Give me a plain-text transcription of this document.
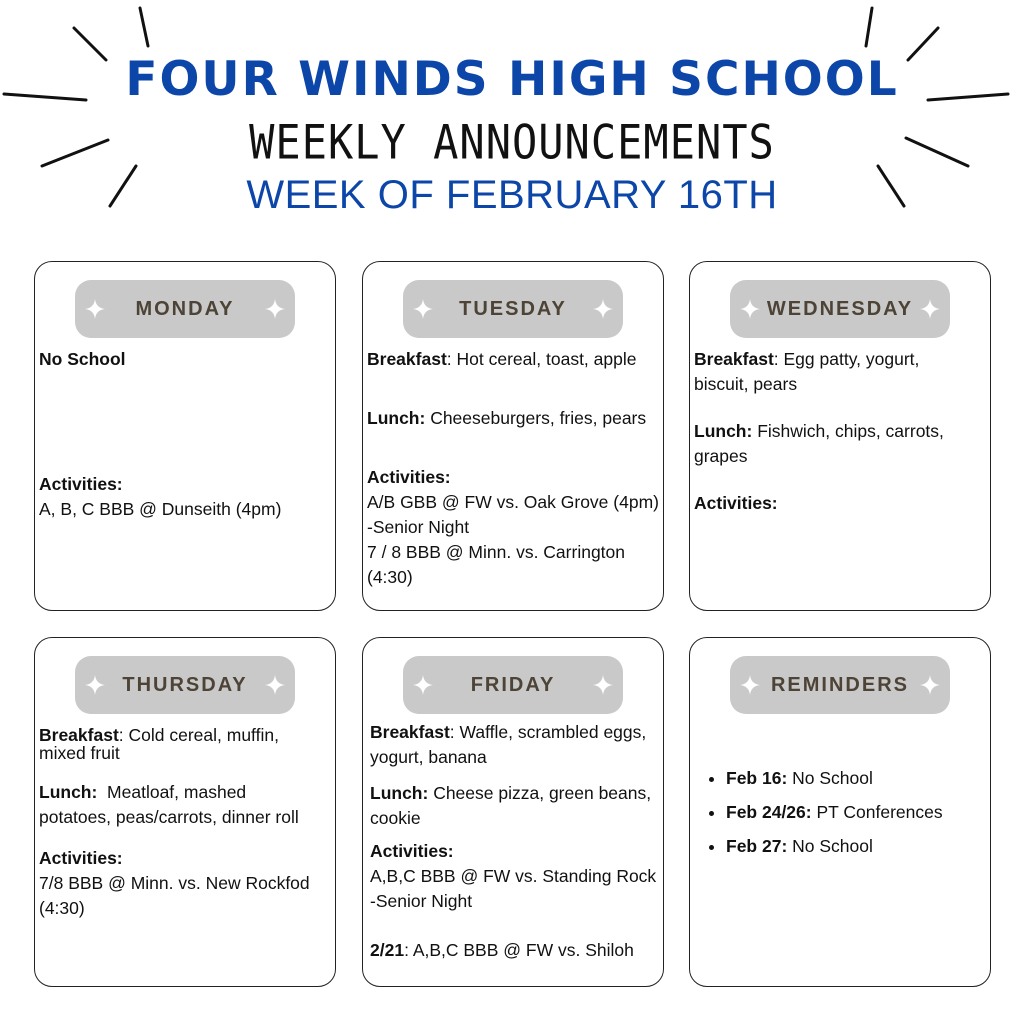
FOUR WINDS HIGH SCHOOL
WEEKLY ANNOUNCEMENTS
WEEK OF FEBRUARY 16TH
MONDAY

No School

Activities:

A, B, C BBB @ Dunseith (4pm)

TUESDAY

Breakfast: Hot cereal, toast, apple

Lunch: Cheeseburgers, fries, pears

Activities:

A/B GBB @ FW vs. Oak Grove (4pm)

-Senior Night

7 / 8 BBB @ Minn. vs. Carrington

(4:30)

WEDNESDAY

Breakfast: Egg patty, yogurt,

biscuit, pears

Lunch: Fishwich, chips, carrots,

grapes

Activities:

THURSDAY

Breakfast: Cold cereal, muffin,

mixed fruit

Lunch:  Meatloaf, mashed

potatoes, peas/carrots, dinner roll

Activities:

7/8 BBB @ Minn. vs. New Rockfod

(4:30)

FRIDAY

Breakfast: Waffle, scrambled eggs,

yogurt, banana

Lunch: Cheese pizza, green beans,

cookie

Activities:

A,B,C BBB @ FW vs. Standing Rock

-Senior Night

2/21: A,B,C BBB @ FW vs. Shiloh

REMINDERS
• Feb 16: No School
• Feb 24/26: PT Conferences
• Feb 27: No School
